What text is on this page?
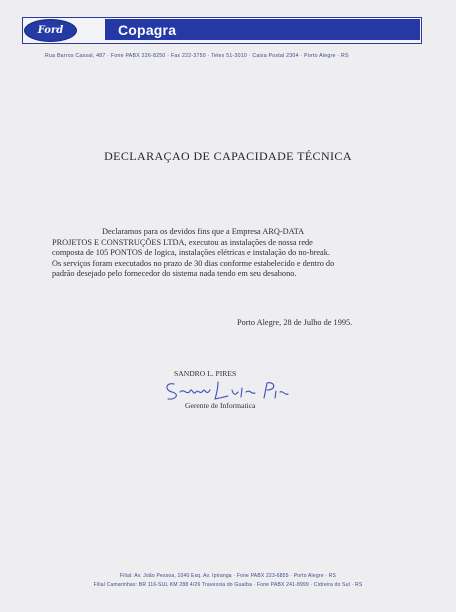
Ford	Copagra
Rua Barros Cassal, 487 · Fone PABX 226-8250 · Fax 222-3750 · Telex 51-3010 · Caixa Postal 2304 · Porto Alegre · RS
DECLARAÇAO DE CAPACIDADE TÉCNICA
Declaramos para os devidos fins que a Empresa ARQ-DATA
PROJETOS E CONSTRUÇÕES LTDA, executou as instalações de nossa rede
composta de 105 PONTOS de logica, instalações elétricas e instalação do no-break.
Os serviços foram executados no prazo de 30 dias conforme estabelecido e dentro do
padrão desejado pelo fornecedor do sistema nada tendo em seu desabono.
Porto Alegre, 28 de Julho de 1995.
SANDRO L. PIRES
Gerente de Informatica
Filial: Av. João Pessoa, 1040 Esq. Av. Ipiranga · Fone PABX 223-6855 · Porto Alegre · RS
Filial Camarinhas: BR 116-SUL KM 288 4/26 Travessia do Guaíba · Fone PABX 241-8999 · Cidreira do Sul · RS
